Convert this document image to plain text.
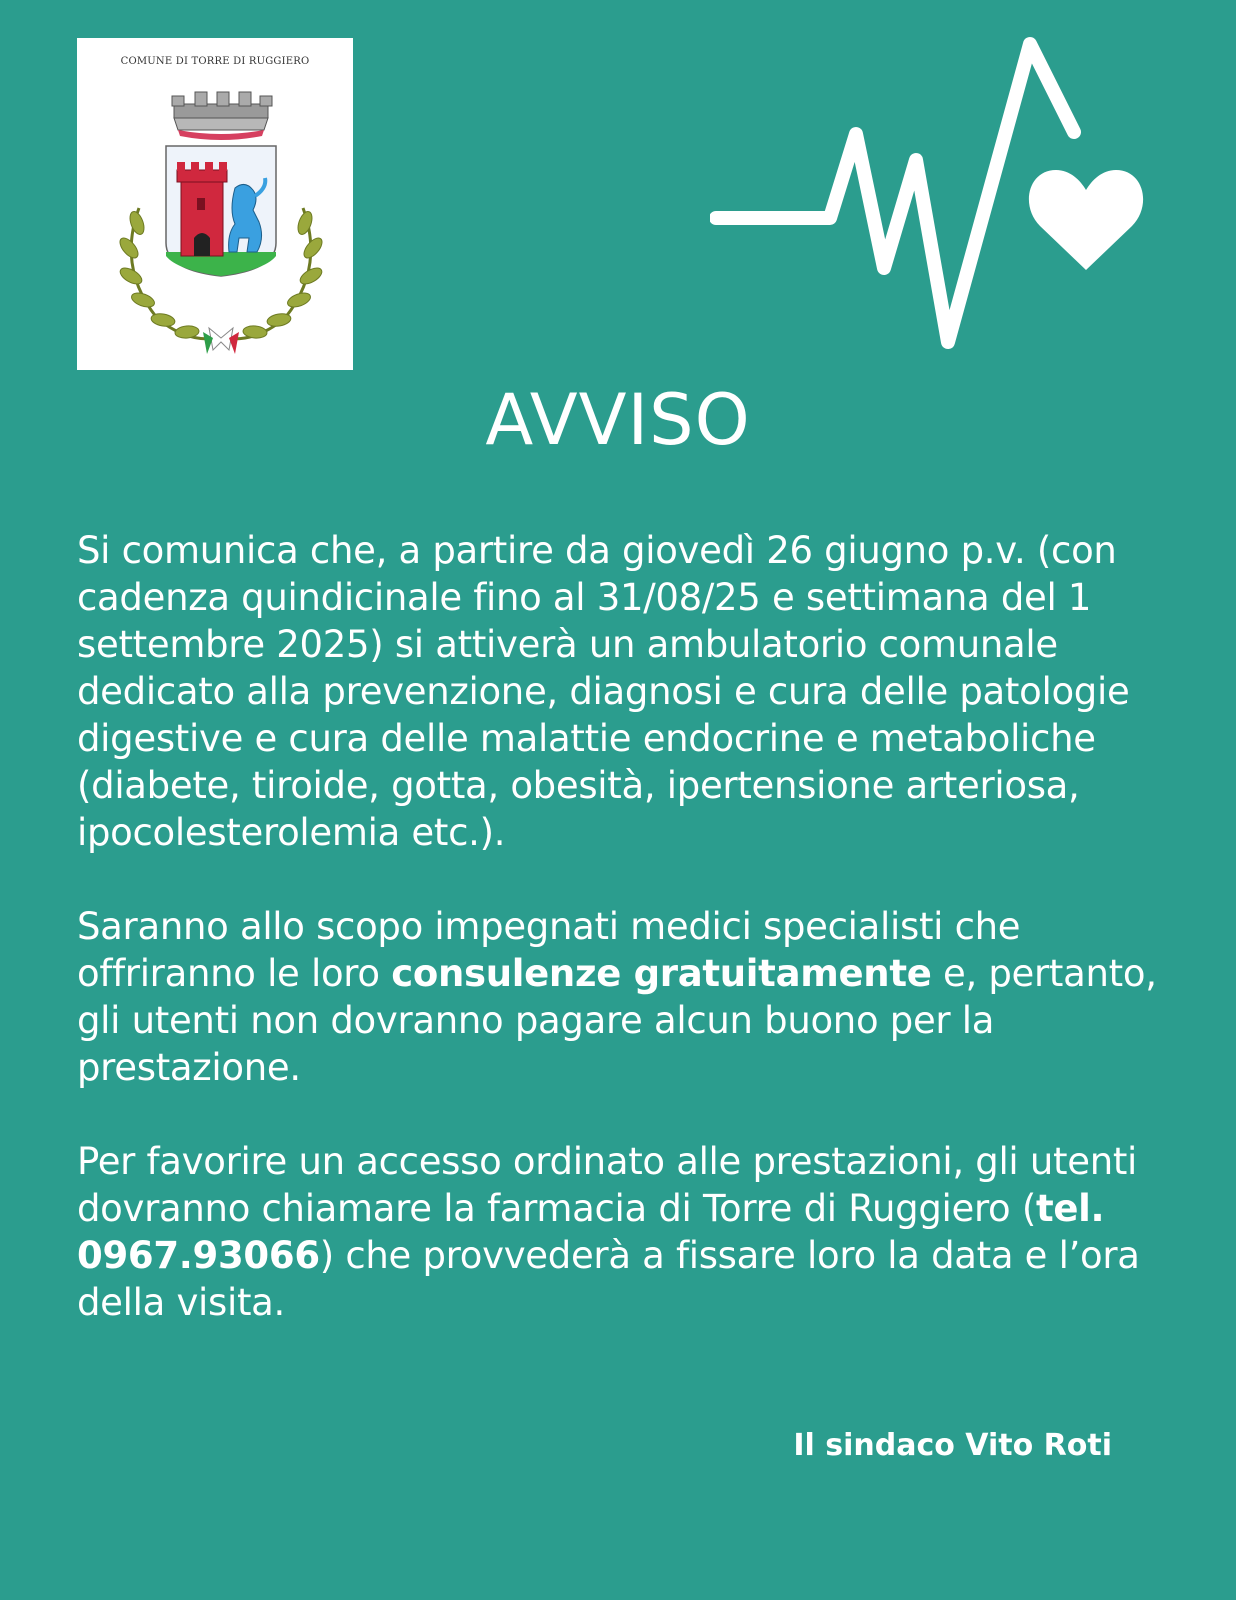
COMUNE DI TORRE DI RUGGIERO
AVVISO

Si comunica che, a partire da giovedì 26 giugno p.v. (con cadenza quindicinale fino al 31/08/25 e settimana del 1 settembre 2025) si attiverà un ambulatorio comunale dedicato alla prevenzione, diagnosi e cura delle patologie digestive e cura delle malattie endocrine e metaboliche (diabete, tiroide, gotta, obesità, ipertensione arteriosa, ipocolesterolemia etc.).

Saranno allo scopo impegnati medici specialisti che offriranno le loro consulenze gratuitamente e, pertanto, gli utenti non dovranno pagare alcun buono per la prestazione.

Per favorire un accesso ordinato alle prestazioni, gli utenti dovranno chiamare la farmacia di Torre di Ruggiero (tel. 0967.93066) che provvederà a fissare loro la data e l’ora della visita.

Il sindaco Vito Roti
